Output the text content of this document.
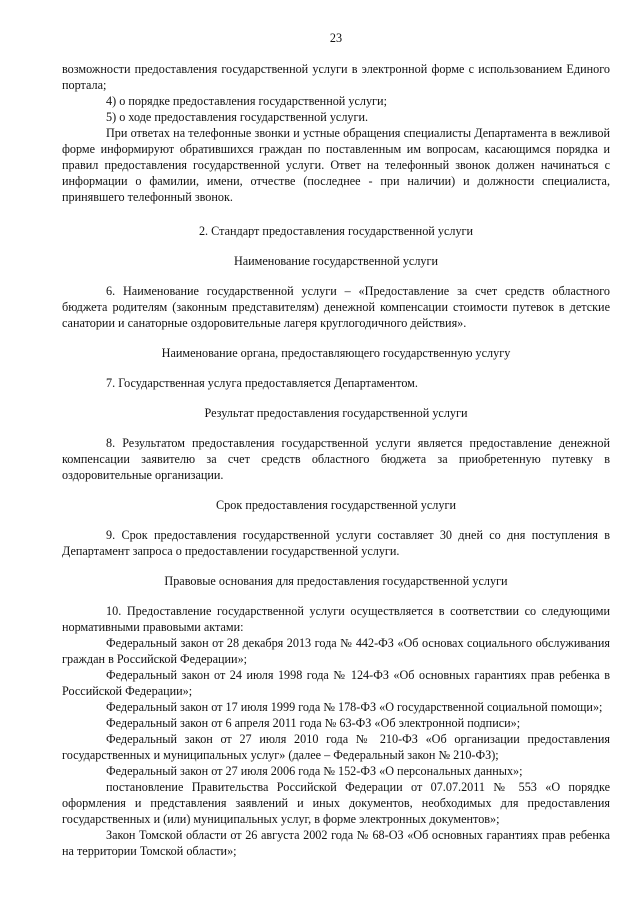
23

возможности предоставления государственной услуги в электронной форме с использованием Единого портала;

4) о порядке предоставления государственной услуги;

5) о ходе предоставления государственной услуги.

При ответах на телефонные звонки и устные обращения специалисты Департамента в вежливой форме информируют обратившихся граждан по поставленным им вопросам, касающимся порядка и правил предоставления государственной услуги. Ответ на телефонный звонок должен начинаться с информации о фамилии, имени, отчестве (последнее - при наличии) и должности специалиста, принявшего телефонный звонок.

2. Стандарт предоставления государственной услуги
Наименование государственной услуги

6. Наименование государственной услуги – «Предоставление за счет средств областного бюджета родителям (законным представителям) денежной компенсации стоимости путевок в детские санатории и санаторные оздоровительные лагеря круглогодичного действия».

Наименование органа, предоставляющего государственную услугу

7. Государственная услуга предоставляется Департаментом.

Результат предоставления государственной услуги

8. Результатом предоставления государственной услуги является предоставление денежной компенсации заявителю за счет средств областного бюджета за приобретенную путевку в оздоровительные организации.

Срок предоставления государственной услуги

9. Срок предоставления государственной услуги составляет 30 дней со дня поступления в Департамент запроса о предоставлении государственной услуги.

Правовые основания для предоставления государственной услуги

10. Предоставление государственной услуги осуществляется в соответствии со следующими нормативными правовыми актами:

Федеральный закон от 28 декабря 2013 года № 442-ФЗ «Об основах социального обслуживания граждан в Российской Федерации»;

Федеральный закон от 24 июля 1998 года № 124-ФЗ «Об основных гарантиях прав ребенка в Российской Федерации»;

Федеральный закон от 17 июля 1999 года № 178-ФЗ «О государственной социальной помощи»;

Федеральный закон от 6 апреля 2011 года № 63-ФЗ «Об электронной подписи»;

Федеральный закон от 27 июля 2010 года № 210-ФЗ «Об организации предоставления государственных и муниципальных услуг» (далее – Федеральный закон № 210-ФЗ);

Федеральный закон от 27 июля 2006 года № 152-ФЗ «О персональных данных»;

постановление Правительства Российской Федерации от 07.07.2011 № 553 «О порядке оформления и представления заявлений и иных документов, необходимых для предоставления государственных и (или) муниципальных услуг, в форме электронных документов»;

Закон Томской области от 26 августа 2002 года № 68-ОЗ «Об основных гарантиях прав ребенка на территории Томской области»;
